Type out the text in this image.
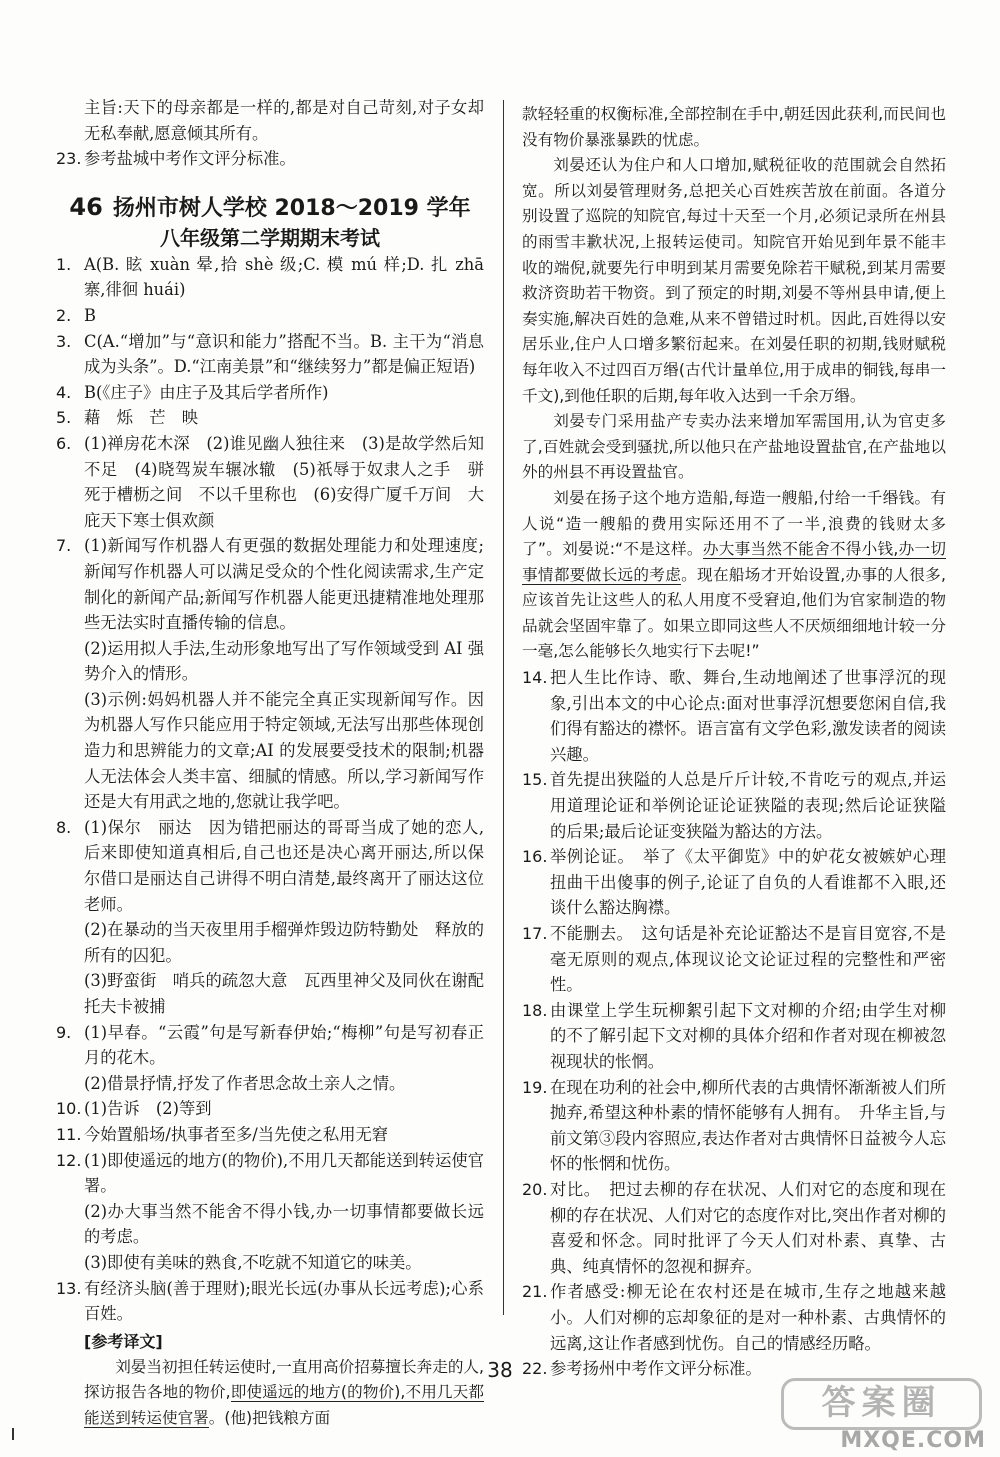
主旨:天下的母亲都是一样的,都是对自己苛刻,对子女却无私奉献,愿意倾其所有。

23. 参考盐城中考作文评分标准。
46 扬州市树人学校 2018～2019 学年
八年级第二学期期末考试
1. A(B. 眩 xuàn 晕,拾 shè 级;C. 模 mú 样;D. 扎 zhā 寨,徘徊 huái)
2. B
3. C(A.“增加”与“意识和能力”搭配不当。B. 主干为“消息成为头条”。D.“江南美景”和“继续努力”都是偏正短语)
4. B(《庄子》由庄子及其后学者所作)
5. 藉　烁　芒　映
6. (1)禅房花木深　(2)谁见幽人独往来　(3)是故学然后知不足　(4)晓驾炭车辗冰辙　(5)祇辱于奴隶人之手　骈死于槽枥之间　不以千里称也　(6)安得广厦千万间　大庇天下寒士俱欢颜
7. (1)新闻写作机器人有更强的数据处理能力和处理速度;新闻写作机器人可以满足受众的个性化阅读需求,生产定制化的新闻产品;新闻写作机器人能更迅捷精准地处理那些无法实时直播传输的信息。

(2)运用拟人手法,生动形象地写出了写作领域受到 AI 强势介入的情形。

(3)示例:妈妈机器人并不能完全真正实现新闻写作。因为机器人写作只能应用于特定领域,无法写出那些体现创造力和思辨能力的文章;AI 的发展要受技术的限制;机器人无法体会人类丰富、细腻的情感。所以,学习新闻写作还是大有用武之地的,您就让我学吧。

8. (1)保尔　丽达　因为错把丽达的哥哥当成了她的恋人,后来即使知道真相后,自己也还是决心离开丽达,所以保尔借口是丽达自己讲得不明白清楚,最终离开了丽达这位老师。

(2)在暴动的当天夜里用手榴弹炸毁边防特勤处　释放的所有的囚犯。

(3)野蛮街　哨兵的疏忽大意　瓦西里神父及同伙在谢配托夫卡被捕

9. (1)早春。“云霞”句是写新春伊始;“梅柳”句是写初春正月的花木。

(2)借景抒情,抒发了作者思念故土亲人之情。

10. (1)告诉　(2)等到
11. 今始置船场/执事者至多/当先使之私用无窘
12. (1)即使遥远的地方(的物价),不用几天都能送到转运使官署。

(2)办大事当然不能舍不得小钱,办一切事情都要做长远的考虑。

(3)即使有美味的熟食,不吃就不知道它的味美。

13. 有经济头脑(善于理财);眼光长远(办事从长远考虑);心系百姓。
[参考译文]

刘晏当初担任转运使时,一直用高价招募擅长奔走的人,探访报告各地的物价,即使遥远的地方(的物价),不用几天都能送到转运使官署。(他)把钱粮方面

款轻轻重的权衡标准,全部控制在手中,朝廷因此获利,而民间也没有物价暴涨暴跌的忧虑。

刘晏还认为住户和人口增加,赋税征收的范围就会自然拓宽。所以刘晏管理财务,总把关心百姓疾苦放在前面。各道分别设置了巡院的知院官,每过十天至一个月,必须记录所在州县的雨雪丰歉状况,上报转运使司。知院官开始见到年景不能丰收的端倪,就要先行申明到某月需要免除若干赋税,到某月需要救济资助若干物资。到了预定的时期,刘晏不等州县申请,便上奏实施,解决百姓的急难,从来不曾错过时机。因此,百姓得以安居乐业,住户人口增多繁衍起来。在刘晏任职的初期,钱财赋税每年收入不过四百万缗(古代计量单位,用于成串的铜钱,每串一千文),到他任职的后期,每年收入达到一千余万缗。

刘晏专门采用盐产专卖办法来增加军需国用,认为官吏多了,百姓就会受到骚扰,所以他只在产盐地设置盐官,在产盐地以外的州县不再设置盐官。

刘晏在扬子这个地方造船,每造一艘船,付给一千缗钱。有人说“造一艘船的费用实际还用不了一半,浪费的钱财太多了”。刘晏说:“不是这样。办大事当然不能舍不得小钱,办一切事情都要做长远的考虑。现在船场才开始设置,办事的人很多,应该首先让这些人的私人用度不受窘迫,他们为官家制造的物品就会坚固牢靠了。如果立即同这些人不厌烦细细地计较一分一毫,怎么能够长久地实行下去呢!”

14. 把人生比作诗、歌、舞台,生动地阐述了世事浮沉的现象,引出本文的中心论点:面对世事浮沉想要您闲自信,我们得有豁达的襟怀。语言富有文学色彩,激发读者的阅读兴趣。
15. 首先提出狭隘的人总是斤斤计较,不肯吃亏的观点,并运用道理论证和举例论证论证狭隘的表现;然后论证狭隘的后果;最后论证变狭隘为豁达的方法。
16. 举例论证。　举了《太平御览》中的妒花女被嫉妒心理扭曲干出傻事的例子,论证了自负的人看谁都不入眼,还谈什么豁达胸襟。
17. 不能删去。　这句话是补充论证豁达不是盲目宽容,不是毫无原则的观点,体现议论文论证过程的完整性和严密性。
18. 由课堂上学生玩柳絮引起下文对柳的介绍;由学生对柳的不了解引起下文对柳的具体介绍和作者对现在柳被忽视现状的怅惘。
19. 在现在功利的社会中,柳所代表的古典情怀渐渐被人们所抛弃,希望这种朴素的情怀能够有人拥有。　升华主旨,与前文第③段内容照应,表达作者对古典情怀日益被今人忘怀的怅惘和忧伤。
20. 对比。　把过去柳的存在状况、人们对它的态度和现在柳的存在状况、人们对它的态度作对比,突出作者对柳的喜爱和怀念。同时批评了今天人们对朴素、真挚、古典、纯真情怀的忽视和摒弃。
21. 作者感受:柳无论在农村还是在城市,生存之地越来越小。人们对柳的忘却象征的是对一种朴素、古典情怀的远离,这让作者感到忧伤。自己的情感经历略。
22. 参考扬州中考作文评分标准。
38
答案圈
MXQE.COM
